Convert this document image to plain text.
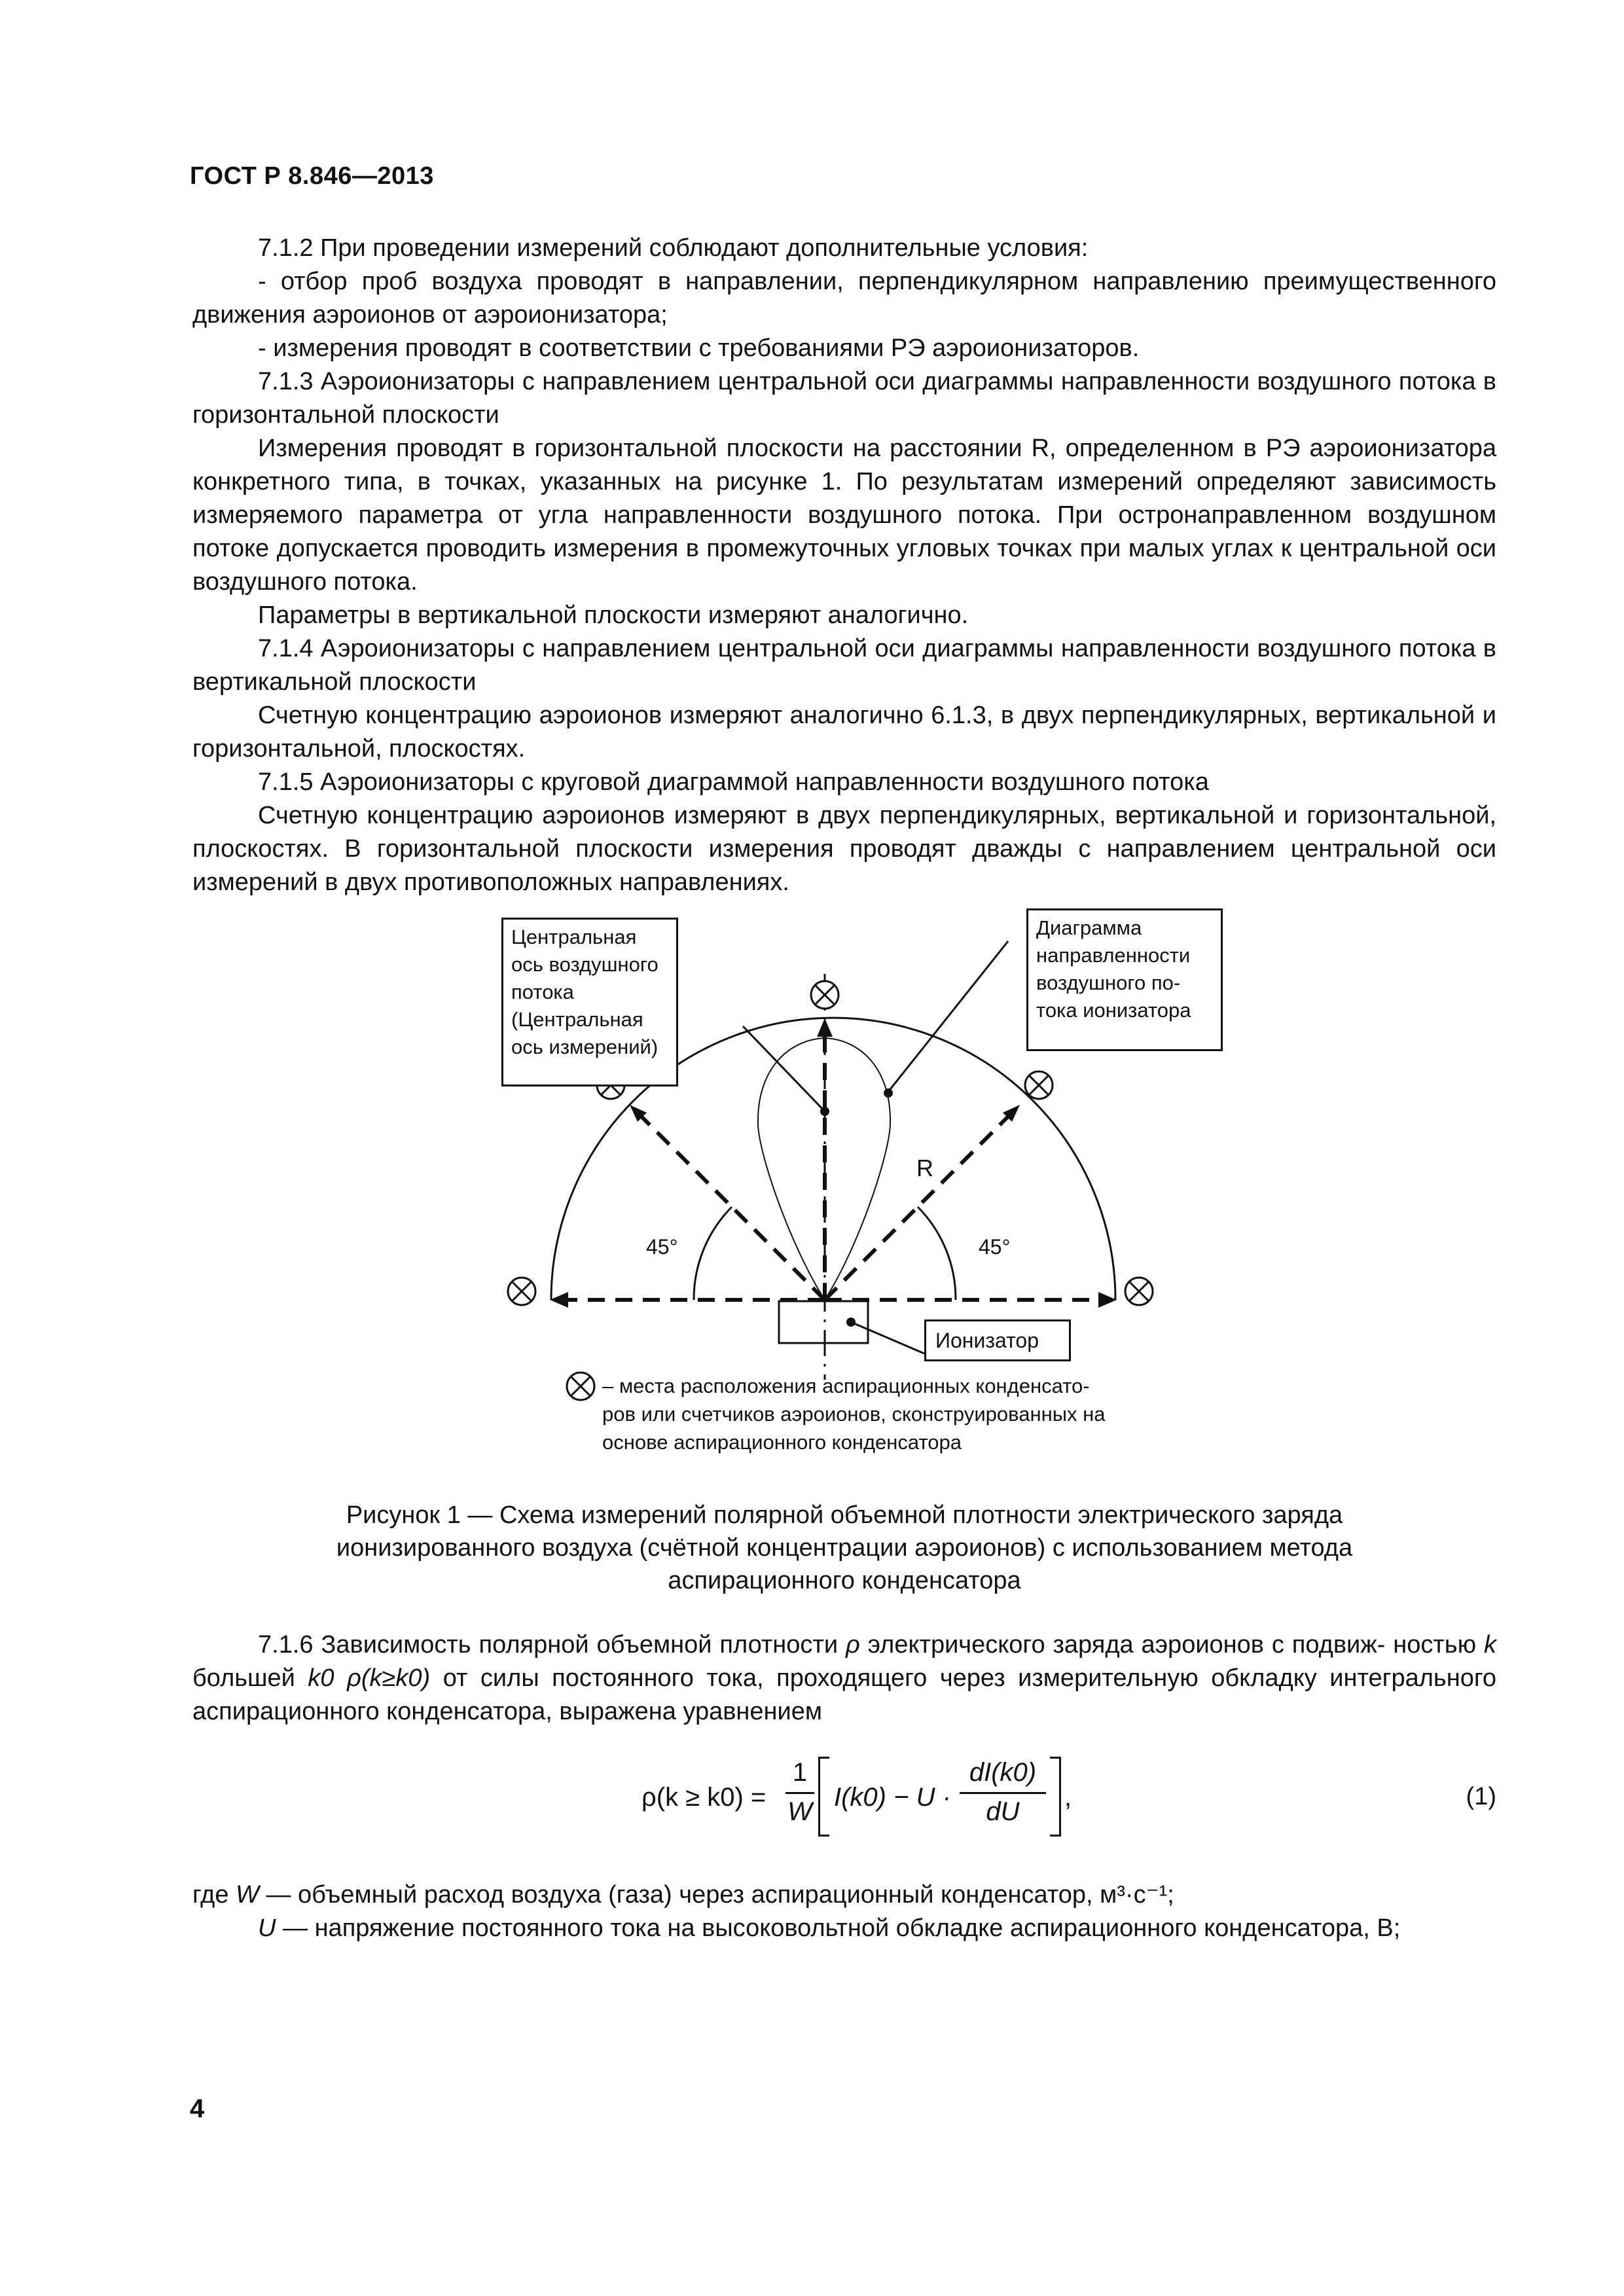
ГОСТ Р 8.846—2013

7.1.2 При проведении измерений соблюдают дополнительные условия:

- отбор проб воздуха проводят в направлении, перпендикулярном направлению преимущественного движения аэроионов от аэроионизатора;

- измерения проводят в соответствии с требованиями РЭ аэроионизаторов.

7.1.3 Аэроионизаторы с направлением центральной оси диаграммы направленности воздушного потока в горизонтальной плоскости

Измерения проводят в горизонтальной плоскости на расстоянии R, определенном в РЭ аэроионизатора конкретного типа, в точках, указанных на рисунке 1. По результатам измерений определяют зависимость измеряемого параметра от угла направленности воздушного потока. При остронаправленном воздушном потоке допускается проводить измерения в промежуточных угловых точках при малых углах к центральной оси воздушного потока.

Параметры в вертикальной плоскости измеряют аналогично.

7.1.4 Аэроионизаторы с направлением центральной оси диаграммы направленности воздушного потока в вертикальной плоскости

Счетную концентрацию аэроионов измеряют аналогично 6.1.3, в двух перпендикулярных, вертикальной и горизонтальной, плоскостях.

7.1.5 Аэроионизаторы с круговой диаграммой направленности воздушного потока

Счетную концентрацию аэроионов измеряют в двух перпендикулярных, вертикальной и горизонтальной, плоскостях. В горизонтальной плоскости измерения проводят дважды с направлением центральной оси измерений в двух противоположных направлениях.

Центральная
ось воздушного
потока
(Центральная
ось измерений)
Диаграмма
направленности
воздушного по-
тока ионизатора
R
45°	45°
Ионизатор
– места расположения аспирационных конденсато-
ров или счетчиков аэроионов, сконструированных на
основе аспирационного конденсатора
Рисунок 1 — Схема измерений полярной объемной плотности электрического заряда
ионизированного воздуха (счётной концентрации аэроионов) с использованием метода
аспирационного конденсатора

7.1.6 Зависимость полярной объемной плотности ρ электрического заряда аэроионов с подвиж- ностью k большей k0 ρ(k≥k0) от силы постоянного тока, проходящего через измерительную обкладку интегрального аспирационного конденсатора, выражена уравнением

ρ(k ≥ k0) =
1
W I(k0) − U ·
dI(k0)
dU	,	(1)
где W — объемный расход воздуха (газа) через аспирационный конденсатор, м³·с⁻¹;
U — напряжение постоянного тока на высоковольтной обкладке аспирационного конденсатора, В;
4
